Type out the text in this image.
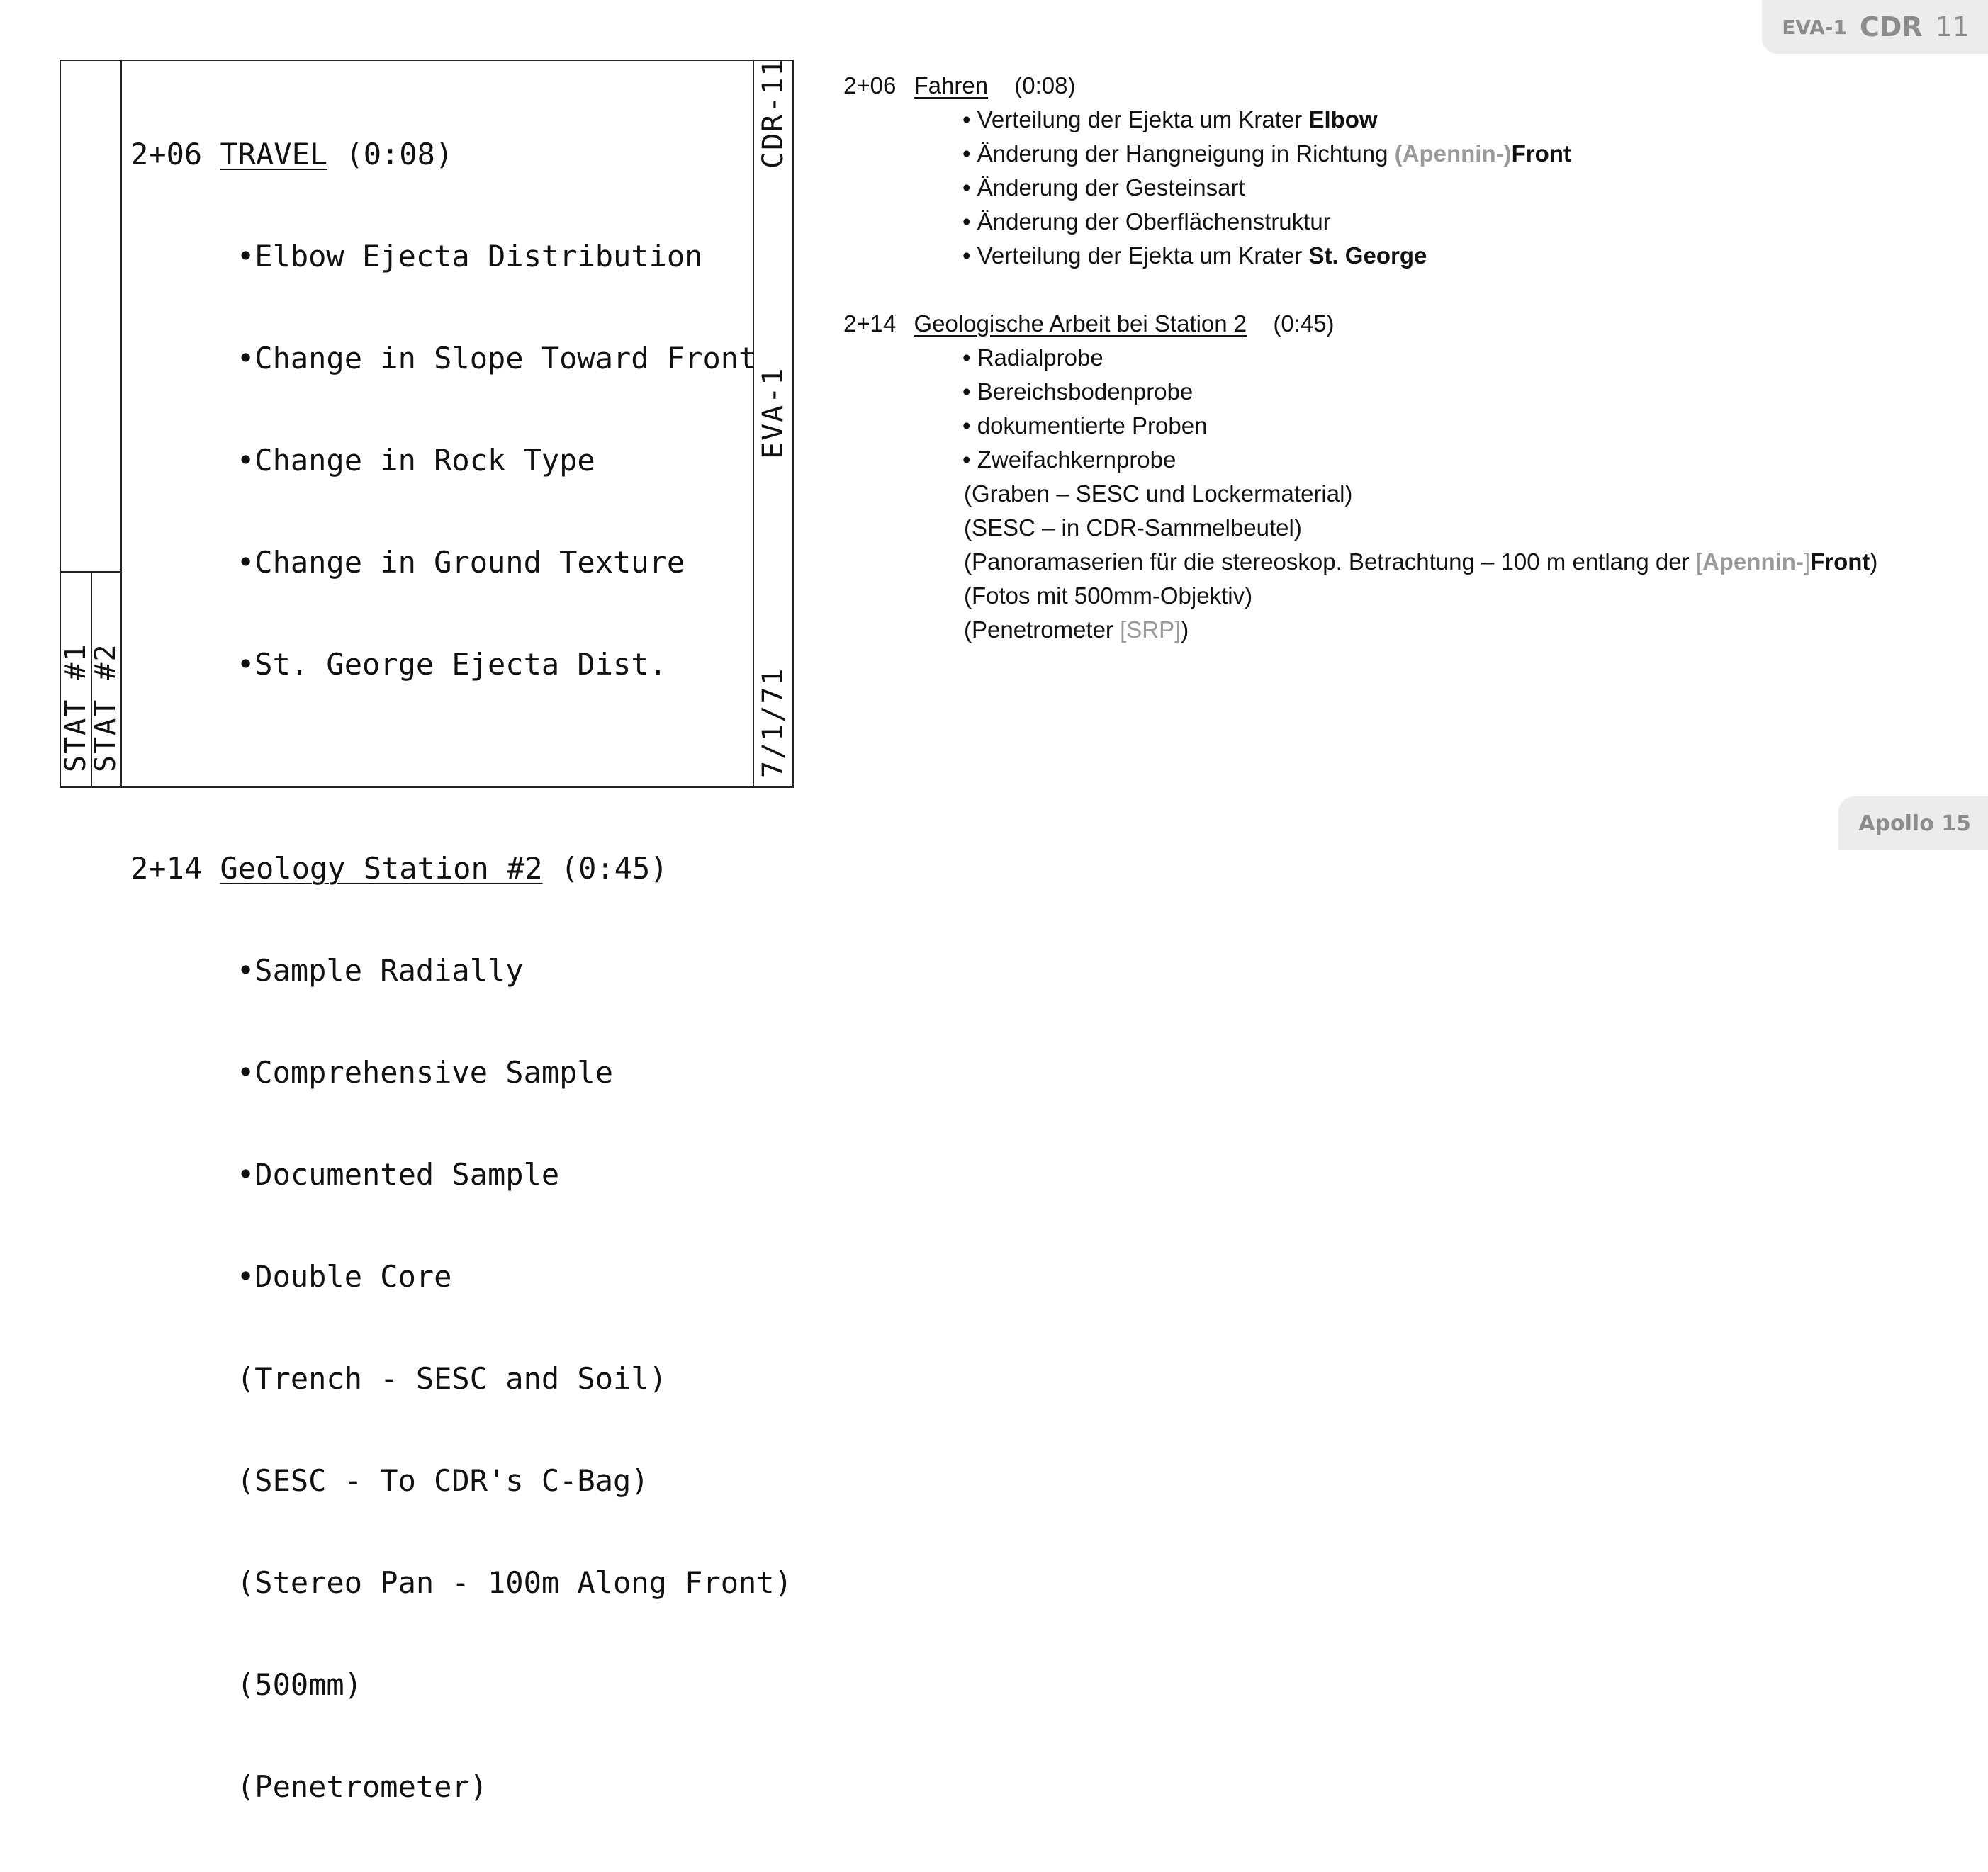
EVA-1 CDR 11
Apollo 15
STAT #1
STAT #2
CDR-11
EVA-1
7/1/71

2+06 TRAVEL (0:08)

•Elbow Ejecta Distribution

•Change in Slope Toward Front

•Change in Rock Type

•Change in Ground Texture

•St. George Ejecta Dist.

2+14 Geology Station #2 (0:45)

•Sample Radially

•Comprehensive Sample

•Documented Sample

•Double Core

(Trench - SESC and Soil)

(SESC - To CDR's C-Bag)

(Stereo Pan - 100m Along Front)

(500mm)

(Penetrometer)

2+06 Fahren (0:08)
• Verteilung der Ejekta um Krater Elbow
• Änderung der Hangneigung in Richtung (Apennin-)Front
• Änderung der Gesteinsart
• Änderung der Oberflächenstruktur
• Verteilung der Ejekta um Krater St. George
2+14 Geologische Arbeit bei Station 2 (0:45)
• Radialprobe
• Bereichsbodenprobe
• dokumentierte Proben
• Zweifachkernprobe
(Graben – SESC und Lockermaterial)
(SESC – in CDR-Sammelbeutel)
(Panoramaserien für die stereoskop. Betrachtung – 100 m entlang der [Apennin-]Front)
(Fotos mit 500mm-Objektiv)
(Penetrometer [SRP])
